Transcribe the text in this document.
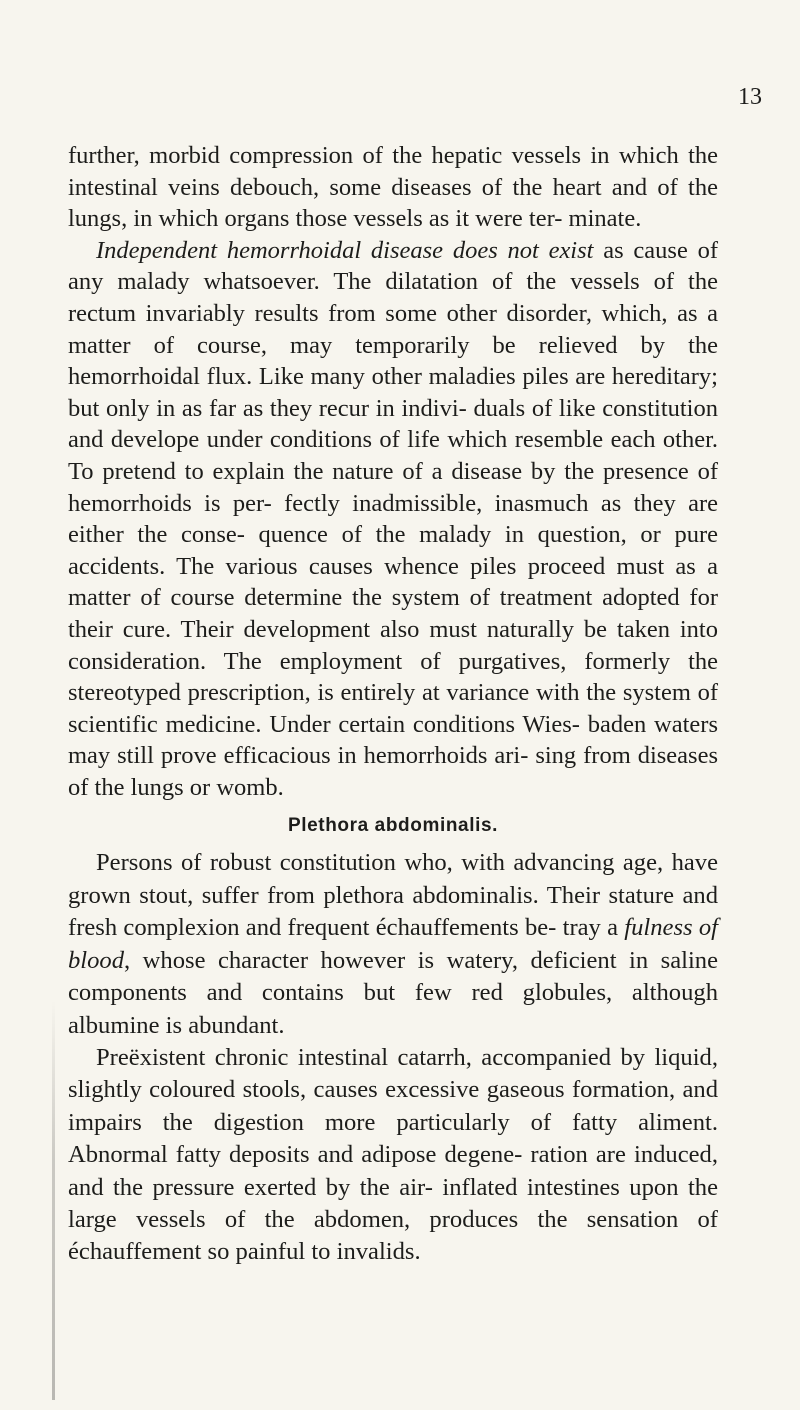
13

further, morbid compression of the hepatic vessels in which the intestinal veins debouch, some diseases of the heart and of the lungs, in which organs those vessels as it were ter- minate.

Independent hemorrhoidal disease does not exist as cause of any malady whatsoever. The dilatation of the vessels of the rectum invariably results from some other disorder, which, as a matter of course, may temporarily be relieved by the hemorrhoidal flux. Like many other maladies piles are hereditary; but only in as far as they recur in indivi- duals of like constitution and develope under conditions of life which resemble each other. To pretend to explain the nature of a disease by the presence of hemorrhoids is per- fectly inadmissible, inasmuch as they are either the conse- quence of the malady in question, or pure accidents. The various causes whence piles proceed must as a matter of course determine the system of treatment adopted for their cure. Their development also must naturally be taken into consideration. The employment of purgatives, formerly the stereotyped prescription, is entirely at variance with the system of scientific medicine. Under certain conditions Wies- baden waters may still prove efficacious in hemorrhoids ari- sing from diseases of the lungs or womb.

Plethora abdominalis.

Persons of robust constitution who, with advancing age, have grown stout, suffer from plethora abdominalis. Their stature and fresh complexion and frequent échauffements be- tray a fulness of blood, whose character however is watery, deficient in saline components and contains but few red globules, although albumine is abundant.

Preëxistent chronic intestinal catarrh, accompanied by liquid, slightly coloured stools, causes excessive gaseous formation, and impairs the digestion more particularly of fatty aliment. Abnormal fatty deposits and adipose degene- ration are induced, and the pressure exerted by the air- inflated intestines upon the large vessels of the abdomen, produces the sensation of échauffement so painful to invalids.
